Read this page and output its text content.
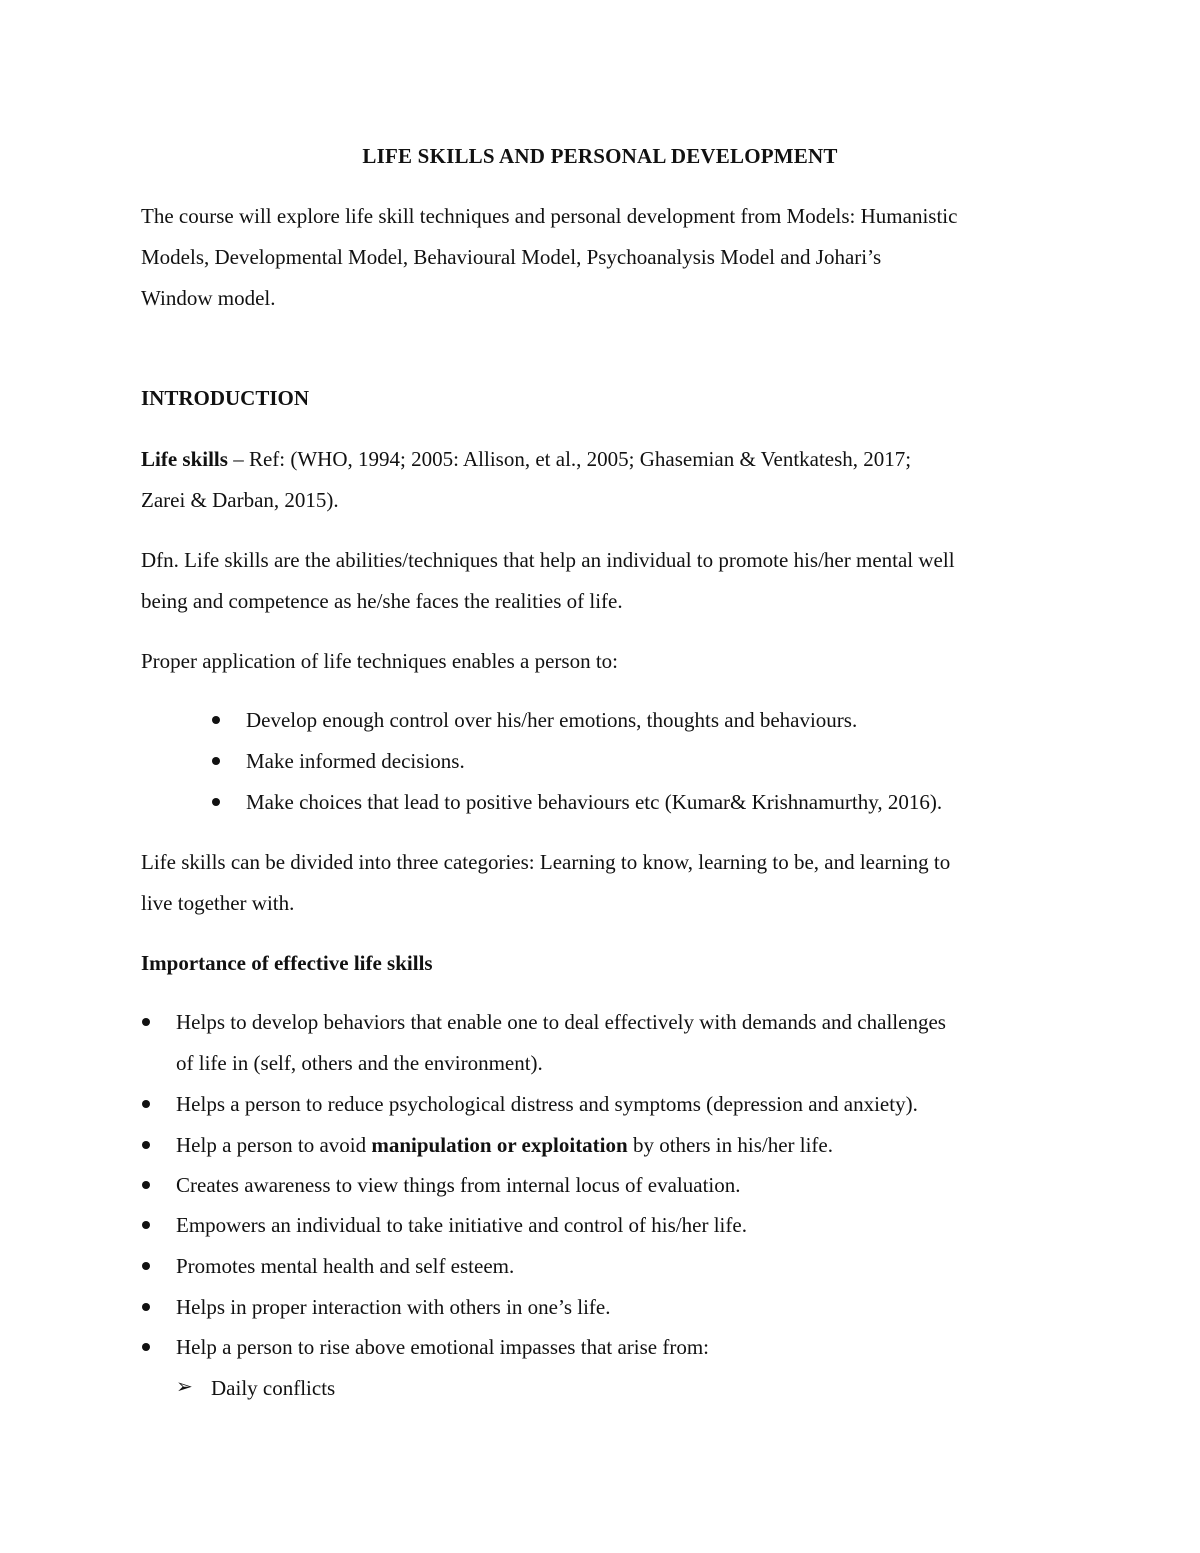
LIFE SKILLS AND PERSONAL DEVELOPMENT
The course will explore life skill techniques and personal development from Models: Humanistic
Models, Developmental Model, Behavioural Model, Psychoanalysis Model and Johari’s
Window model.
INTRODUCTION
Life skills – Ref: (WHO, 1994; 2005: Allison, et al., 2005; Ghasemian & Ventkatesh, 2017;
Zarei & Darban, 2015).
Dfn. Life skills are the abilities/techniques that help an individual to promote his/her mental well
being and competence as he/she faces the realities of life.
Proper application of life techniques enables a person to:
Develop enough control over his/her emotions, thoughts and behaviours.
Make informed decisions.
Make choices that lead to positive behaviours etc (Kumar& Krishnamurthy, 2016).
Life skills can be divided into three categories: Learning to know, learning to be, and learning to
live together with.
Importance of effective life skills
Helps to develop behaviors that enable one to deal effectively with demands and challenges
of life in (self, others and the environment).
Helps a person to reduce psychological distress and symptoms (depression and anxiety).
Help a person to avoid manipulation or exploitation by others in his/her life.
Creates awareness to view things from internal locus of evaluation.
Empowers an individual to take initiative and control of his/her life.
Promotes mental health and self esteem.
Helps in proper interaction with others in one’s life.
Help a person to rise above emotional impasses that arise from:
➢ Daily conflicts
